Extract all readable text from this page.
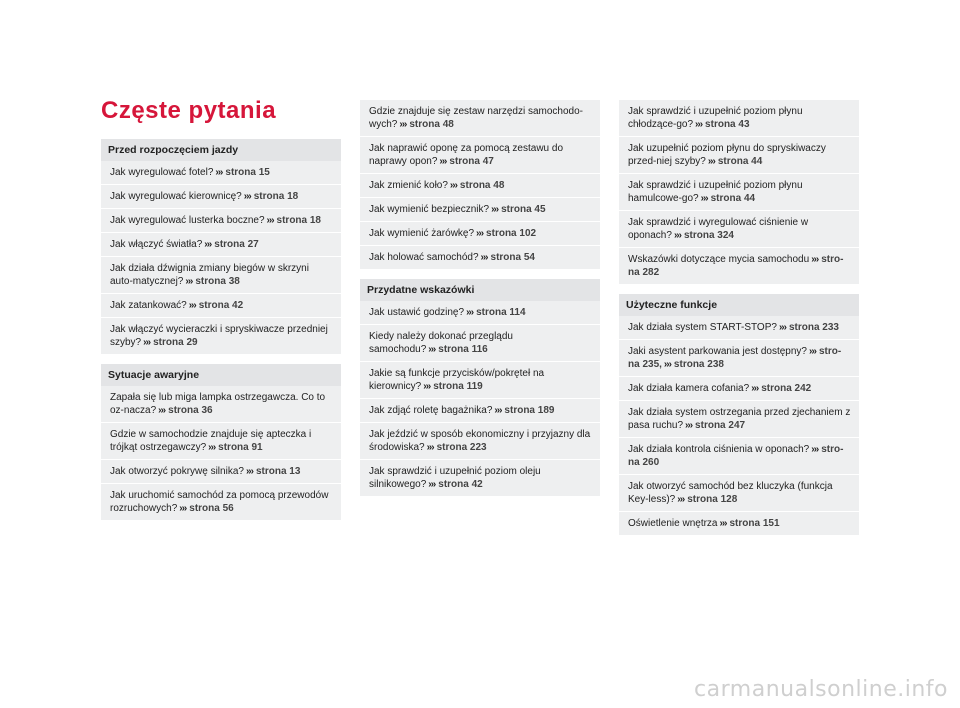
Częste pytania
Przed rozpoczęciem jazdy
Jak wyregulować fotel? ››› strona 15
Jak wyregulować kierownicę? ››› strona 18
Jak wyregulować lusterka boczne? ››› strona 18
Jak włączyć światła? ››› strona 27
Jak działa dźwignia zmiany biegów w skrzyni auto-matycznej? ››› strona 38
Jak zatankować? ››› strona 42
Jak włączyć wycieraczki i spryskiwacze przedniej szyby? ››› strona 29
Sytuacje awaryjne
Zapała się lub miga lampka ostrzegawcza. Co to oz-nacza? ››› strona 36
Gdzie w samochodzie znajduje się apteczka i trójkąt ostrzegawczy? ››› strona 91
Jak otworzyć pokrywę silnika? ››› strona 13
Jak uruchomić samochód za pomocą przewodów rozruchowych? ››› strona 56
Gdzie znajduje się zestaw narzędzi samochodo-wych? ››› strona 48
Jak naprawić oponę za pomocą zestawu do naprawy opon? ››› strona 47
Jak zmienić koło? ››› strona 48
Jak wymienić bezpiecznik? ››› strona 45
Jak wymienić żarówkę? ››› strona 102
Jak holować samochód? ››› strona 54
Przydatne wskazówki
Jak ustawić godzinę? ››› strona 114
Kiedy należy dokonać przeglądu samochodu? ››› strona 116
Jakie są funkcje przycisków/pokręteł na kierownicy? ››› strona 119
Jak zdjąć roletę bagażnika? ››› strona 189
Jak jeździć w sposób ekonomiczny i przyjazny dla środowiska? ››› strona 223
Jak sprawdzić i uzupełnić poziom oleju silnikowego? ››› strona 42
Jak sprawdzić i uzupełnić poziom płynu chłodzące-go? ››› strona 43
Jak uzupełnić poziom płynu do spryskiwaczy przed-niej szyby? ››› strona 44
Jak sprawdzić i uzupełnić poziom płynu hamulcowe-go? ››› strona 44
Jak sprawdzić i wyregulować ciśnienie w oponach? ››› strona 324
Wskazówki dotyczące mycia samochodu ››› stro-na 282
Użyteczne funkcje
Jak działa system START-STOP? ››› strona 233
Jaki asystent parkowania jest dostępny? ››› stro-na 235, ››› strona 238
Jak działa kamera cofania? ››› strona 242
Jak działa system ostrzegania przed zjechaniem z pasa ruchu? ››› strona 247
Jak działa kontrola ciśnienia w oponach? ››› stro-na 260
Jak otworzyć samochód bez kluczyka (funkcja Key-less)? ››› strona 128
Oświetlenie wnętrza ››› strona 151
carmanualsonline.info
